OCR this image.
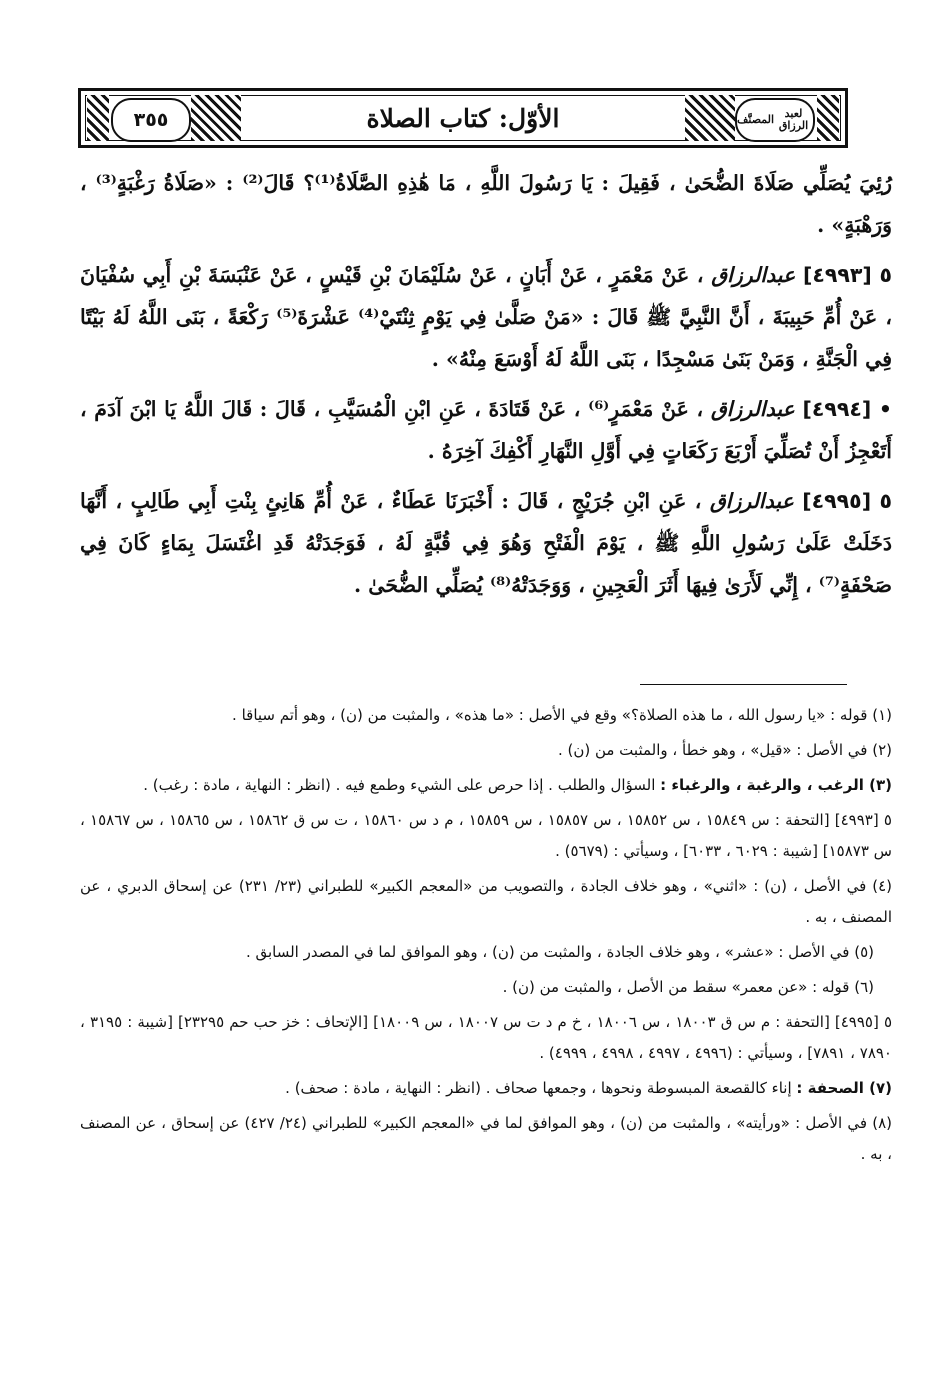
٣٥٥	المصنَّف لعبد الرزاق
الأوّل: كتاب الصلاة

رُئِيَ يُصَلِّي صَلَاةَ الضُّحَىٰ ، فَقِيلَ : يَا رَسُولَ اللَّهِ ، مَا هَٰذِهِ الصَّلَاةُ⁽¹⁾؟ قَالَ⁽²⁾ : «صَلَاةُ رَغْبَةٍ⁽³⁾ ، وَرَهْبَةٍ» .

٥ [٤٩٩٣] عبدالرزاق ، عَنْ مَعْمَرٍ ، عَنْ أَبَانٍ ، عَنْ سُلَيْمَانَ بْنِ قَيْسٍ ، عَنْ عَنْبَسَةَ بْنِ أَبِي سُفْيَانَ ، عَنْ أُمِّ حَبِيبَةَ ، أَنَّ النَّبِيَّ ﷺ قَالَ : «مَنْ صَلَّىٰ فِي يَوْمٍ ثِنْتَيْ⁽⁴⁾ عَشْرَةَ⁽⁵⁾ رَكْعَةً ، بَنَى اللَّهُ لَهُ بَيْتًا فِي الْجَنَّةِ ، وَمَنْ بَنَىٰ مَسْجِدًا ، بَنَى اللَّهُ لَهُ أَوْسَعَ مِنْهُ» .

• [٤٩٩٤] عبدالرزاق ، عَنْ مَعْمَرٍ⁽⁶⁾ ، عَنْ قَتَادَةَ ، عَنِ ابْنِ الْمُسَيَّبِ ، قَالَ : قَالَ اللَّهُ يَا ابْنَ آدَمَ ، أَتَعْجِزُ أَنْ تُصَلِّيَ أَرْبَعَ رَكَعَاتٍ فِي أَوَّلِ النَّهَارِ أَكْفِكَ آخِرَهُ .

٥ [٤٩٩٥] عبدالرزاق ، عَنِ ابْنِ جُرَيْجٍ ، قَالَ : أَخْبَرَنَا عَطَاءٌ ، عَنْ أُمِّ هَانِئٍ بِنْتِ أَبِي طَالِبٍ ، أَنَّهَا دَخَلَتْ عَلَىٰ رَسُولِ اللَّهِ ﷺ ، يَوْمَ الْفَتْحِ وَهُوَ فِي قُبَّةٍ لَهُ ، فَوَجَدَتْهُ قَدِ اغْتَسَلَ بِمَاءٍ كَانَ فِي صَحْفَةٍ⁽⁷⁾ ، إِنِّي لَأَرَىٰ فِيهَا أَثَرَ الْعَجِينِ ، وَوَجَدَتْهُ⁽⁸⁾ يُصَلِّي الضُّحَىٰ .

(١) قوله : «يا رسول الله ، ما هذه الصلاة؟» وقع في الأصل : «ما هذه» ، والمثبت من (ن) ، وهو أتم سياقا .

(٢) في الأصل : «قيل» ، وهو خطأ ، والمثبت من (ن) .

(٣) الرغب ، والرغبة ، والرغباء : السؤال والطلب . إذا حرص على الشيء وطمع فيه . (انظر : النهاية ، مادة : رغب) .

٥ [٤٩٩٣] [التحفة : س ١٥٨٤٩ ، س ١٥٨٥٢ ، س ١٥٨٥٧ ، س ١٥٨٥٩ ، م د س ١٥٨٦٠ ، ت س ق ١٥٨٦٢ ، س ١٥٨٦٥ ، س ١٥٨٦٧ ، س ١٥٨٧٣] [شيبة : ٦٠٢٩ ، ٦٠٣٣] ، وسيأتي : (٥٦٧٩) .

(٤) في الأصل ، (ن) : «اثني» ، وهو خلاف الجادة ، والتصويب من «المعجم الكبير» للطبراني (٢٣/ ٢٣١) عن إسحاق الدبري ، عن المصنف ، به .

(٥) في الأصل : «عشر» ، وهو خلاف الجادة ، والمثبت من (ن) ، وهو الموافق لما في المصدر السابق .

(٦) قوله : «عن معمر» سقط من الأصل ، والمثبت من (ن) .

٥ [٤٩٩٥] [التحفة : م س ق ١٨٠٠٣ ، س ١٨٠٠٦ ، خ م د ت س ١٨٠٠٧ ، س ١٨٠٠٩] [الإتحاف : خز حب حم ٢٣٢٩٥] [شيبة : ٣١٩٥ ، ٧٨٩٠ ، ٧٨٩١] ، وسيأتي : (٤٩٩٦ ، ٤٩٩٧ ، ٤٩٩٨ ، ٤٩٩٩) .

(٧) الصحفة : إناء كالقصعة المبسوطة ونحوها ، وجمعها صحاف . (انظر : النهاية ، مادة : صحف) .

(٨) في الأصل : «ورأيته» ، والمثبت من (ن) ، وهو الموافق لما في «المعجم الكبير» للطبراني (٢٤/ ٤٢٧) عن إسحاق ، عن المصنف ، به .
